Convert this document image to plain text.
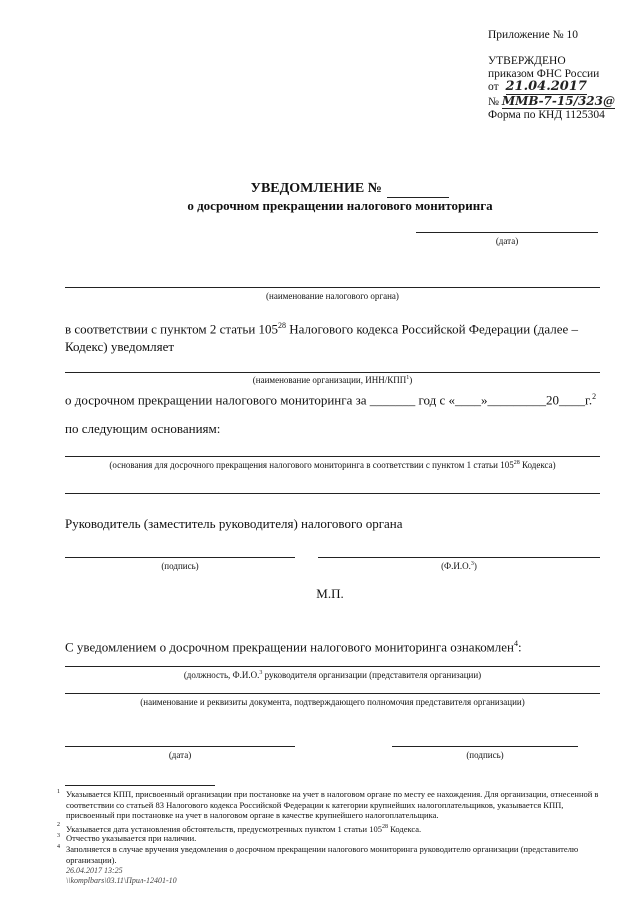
Приложение № 10
УТВЕРЖДЕНО
приказом ФНС России
от 21.04.2017
№ ММВ-7-15/323@
Форма по КНД 1125304
УВЕДОМЛЕНИЕ №
о досрочном прекращении налогового мониторинга
(дата)
(наименование налогового органа)
в соответствии с пунктом 2 статьи $105^{28}$ Налогового кодекса Российской Федерации (далее –
Кодекс) уведомляет
(наименование организации, ИНН/КПП$^1$)
о досрочном прекращении налогового мониторинга за _______ год с «____»_________20____г.$^2$
по следующим основаниям:
(основания для досрочного прекращения налогового мониторинга в соответствии с пунктом 1 статьи $105^{28}$ Кодекса)
Руководитель (заместитель руководителя) налогового органа
(подпись)	(Ф.И.О.$^3$)
М.П.
С уведомлением о досрочном прекращении налогового мониторинга ознакомлен$^4$:
(должность, Ф.И.О.$^3$ руководителя организации (представителя организации)
(наименование и реквизиты документа, подтверждающего полномочия представителя организации)
(дата)	(подпись)
1 Указывается КПП, присвоенный организации при постановке на учет в налоговом органе по месту ее нахождения. Для организации, отнесенной в соответствии со статьей 83 Налогового кодекса Российской Федерации к категории крупнейших налогоплательщиков, указывается КПП, присвоенный при постановке на учет в налоговом органе в качестве крупнейшего налогоплательщика.
2 Указывается дата установления обстоятельств, предусмотренных пунктом 1 статьи $105^{28}$ Кодекса.
3 Отчество указывается при наличии.
4 Заполняется в случае вручения уведомления о досрочном прекращении налогового мониторинга руководителю организации (представителю организации).
26.04.2017 13:25
\\komplbars\03.11\Прил-12401-10
